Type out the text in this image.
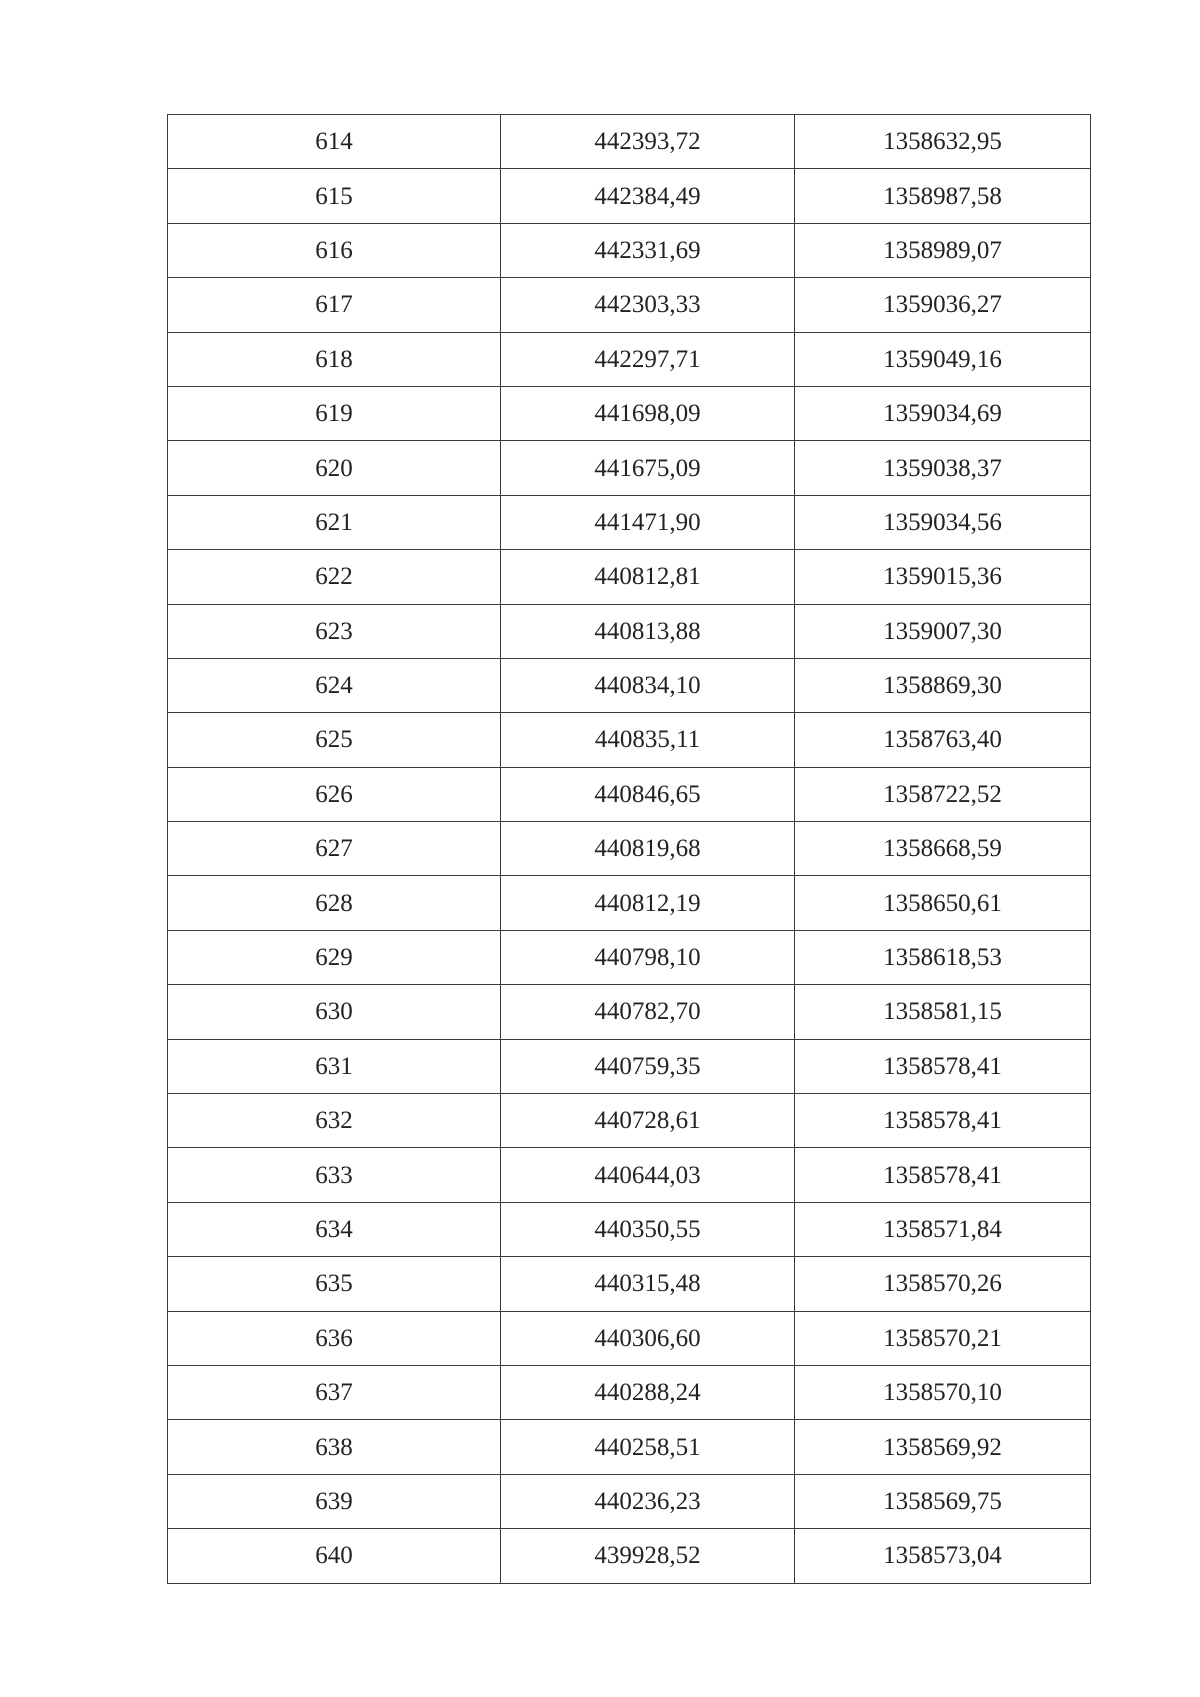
614	442393,72	1358632,95
615	442384,49	1358987,58
616	442331,69	1358989,07
617	442303,33	1359036,27
618	442297,71	1359049,16
619	441698,09	1359034,69
620	441675,09	1359038,37
621	441471,90	1359034,56
622	440812,81	1359015,36
623	440813,88	1359007,30
624	440834,10	1358869,30
625	440835,11	1358763,40
626	440846,65	1358722,52
627	440819,68	1358668,59
628	440812,19	1358650,61
629	440798,10	1358618,53
630	440782,70	1358581,15
631	440759,35	1358578,41
632	440728,61	1358578,41
633	440644,03	1358578,41
634	440350,55	1358571,84
635	440315,48	1358570,26
636	440306,60	1358570,21
637	440288,24	1358570,10
638	440258,51	1358569,92
639	440236,23	1358569,75
640	439928,52	1358573,04
